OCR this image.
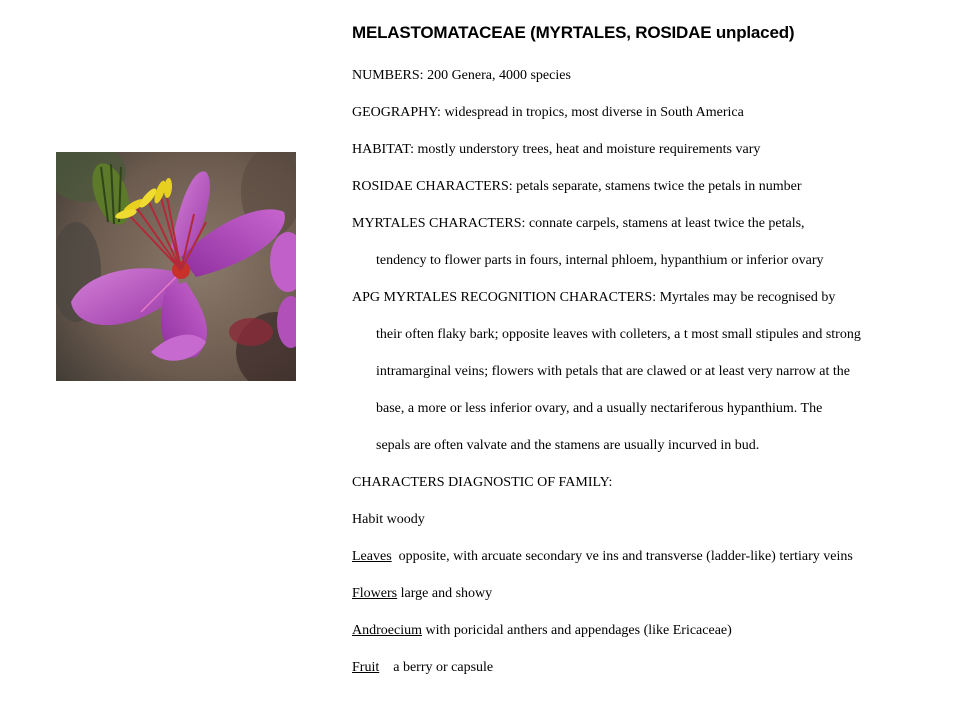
MELASTOMATACEAE (MYRTALES, ROSIDAE unplaced)
NUMBERS: 200 Genera, 4000 species
GEOGRAPHY: widespread in tropics, most diverse in South America
HABITAT: mostly understory trees, heat and moisture requirements vary
ROSIDAE CHARACTERS: petals separate, stamens twice the petals in number
MYRTALES CHARACTERS: connate carpels, stamens at least twice the petals,
tendency to flower parts in fours, internal phloem, hypanthium or inferior ovary
APG MYRTALES RECOGNITION CHARACTERS: Myrtales may be recognised by
their often flaky bark; opposite leaves with colleters, a t most small stipules and strong
intramarginal veins; flowers with petals that are clawed or at least very narrow at the
base, a more or less inferior ovary, and a usually nectariferous hypanthium. The
sepals are often valvate and the stamens are usually incurved in bud.
CHARACTERS DIAGNOSTIC OF FAMILY:
Habit woody
Leaves  opposite, with arcuate secondary ve ins and transverse (ladder-like) tertiary veins
Flowers large and showy
Androecium with poricidal anthers and appendages (like Ericaceae)
Fruit    a berry or capsule
